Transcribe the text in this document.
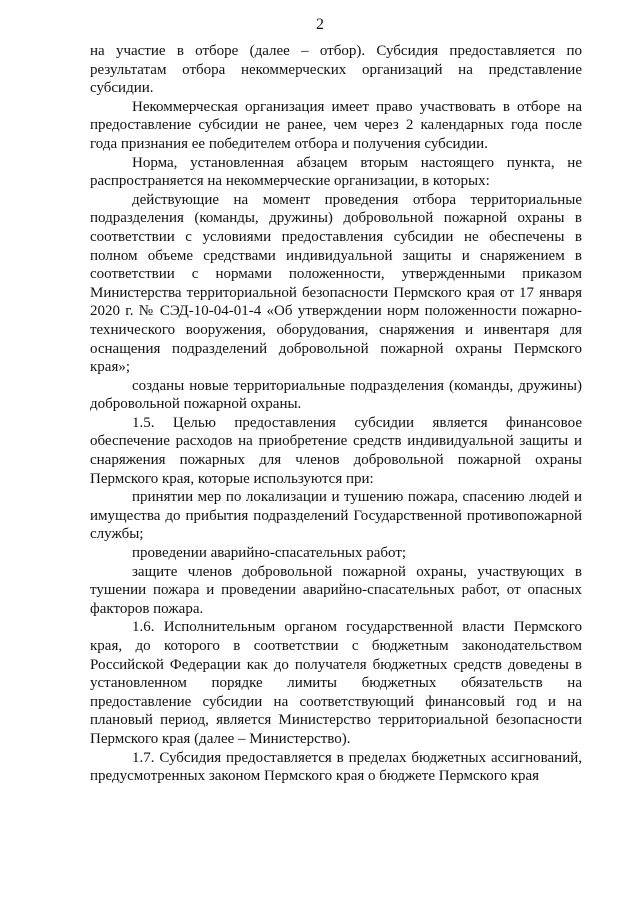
2

на участие в отборе (далее – отбор). Субсидия предоставляется по результатам отбора некоммерческих организаций на представление субсидии.

Некоммерческая организация имеет право участвовать в отборе на предоставление субсидии не ранее, чем через 2 календарных года после года признания ее победителем отбора и получения субсидии.

Норма, установленная абзацем вторым настоящего пункта, не распространяется на некоммерческие организации, в которых:

действующие на момент проведения отбора территориальные подразделения (команды, дружины) добровольной пожарной охраны в соответствии с условиями предоставления субсидии не обеспечены в полном объеме средствами индивидуальной защиты и снаряжением в соответствии с нормами положенности, утвержденными приказом Министерства территориальной безопасности Пермского края от 17 января 2020 г. № СЭД-10-04-01-4 «Об утверждении норм положенности пожарно-технического вооружения, оборудования, снаряжения и инвентаря для оснащения подразделений добровольной пожарной охраны Пермского края»;

созданы новые территориальные подразделения (команды, дружины) добровольной пожарной охраны.

1.5. Целью предоставления субсидии является финансовое обеспечение расходов на приобретение средств индивидуальной защиты и снаряжения пожарных для членов добровольной пожарной охраны Пермского края, которые используются при:

принятии мер по локализации и тушению пожара, спасению людей и имущества до прибытия подразделений Государственной противопожарной службы;

проведении аварийно-спасательных работ;

защите членов добровольной пожарной охраны, участвующих в тушении пожара и проведении аварийно-спасательных работ, от опасных факторов пожара.

1.6. Исполнительным органом государственной власти Пермского края, до которого в соответствии с бюджетным законодательством Российской Федерации как до получателя бюджетных средств доведены в установленном порядке лимиты бюджетных обязательств на предоставление субсидии на соответствующий финансовый год и на плановый период, является Министерство территориальной безопасности Пермского края (далее – Министерство).

1.7. Субсидия предоставляется в пределах бюджетных ассигнований, предусмотренных законом Пермского края о бюджете Пермского края
